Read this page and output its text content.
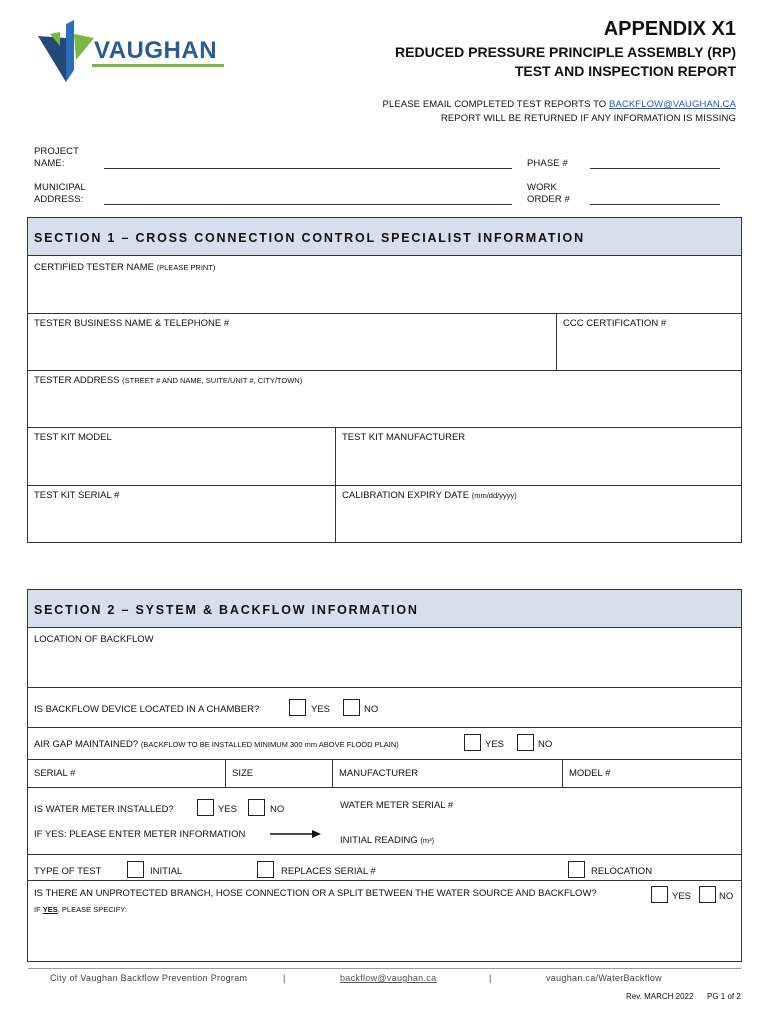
VAUGHAN
APPENDIX X1
REDUCED PRESSURE PRINCIPLE ASSEMBLY (RP)
TEST AND INSPECTION REPORT
PLEASE EMAIL COMPLETED TEST REPORTS TO BACKFLOW@VAUGHAN.CA
REPORT WILL BE RETURNED IF ANY INFORMATION IS MISSING
PROJECT
NAME:	PHASE #
MUNICIPAL
ADDRESS:
WORK
ORDER #
SECTION 1 – CROSS CONNECTION CONTROL SPECIALIST INFORMATION
CERTIFIED TESTER NAME (PLEASE PRINT)
TESTER BUSINESS NAME & TELEPHONE #	CCC CERTIFICATION #
TESTER ADDRESS (STREET # AND NAME, SUITE/UNIT #, CITY/TOWN)
TEST KIT MODEL	TEST KIT MANUFACTURER
TEST KIT SERIAL #	CALIBRATION EXPIRY DATE (mm/dd/yyyy)
SECTION 2 – SYSTEM & BACKFLOW INFORMATION
LOCATION OF BACKFLOW
IS BACKFLOW DEVICE LOCATED IN A CHAMBER?	YES	NO
AIR GAP MAINTAINED? (BACKFLOW TO BE INSTALLED MINIMUM 300 mm ABOVE FLOOD PLAIN)	YES	NO
SERIAL #	SIZE	MANUFACTURER	MODEL #
IS WATER METER INSTALLED?	YES	NO	WATER METER SERIAL #
IF YES: PLEASE ENTER METER INFORMATION
INITIAL READING (m³)
TYPE OF TEST	INITIAL	REPLACES SERIAL #	RELOCATION
IS THERE AN UNPROTECTED BRANCH, HOSE CONNECTION OR A SPLIT BETWEEN THE WATER SOURCE AND BACKFLOW?	YES	NO
IF YES, PLEASE SPECIFY:
City of Vaughan Backflow Prevention Program	|	backflow@vaughan.ca	|	vaughan.ca/WaterBackflow
Rev. MARCH 2022 PG 1 of 2
